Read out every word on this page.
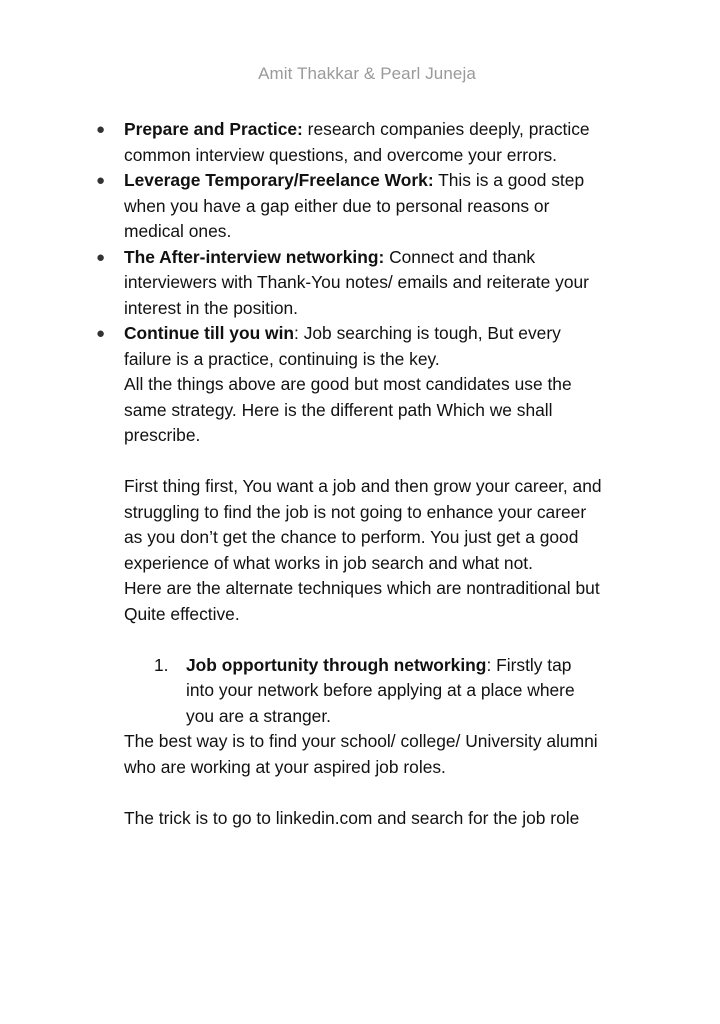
Amit Thakkar & Pearl Juneja
● Prepare and Practice: research companies deeply, practice common interview questions, and overcome your errors.
● Leverage Temporary/Freelance Work: This is a good step when you have a gap either due to personal reasons or medical ones.
● The After-interview networking: Connect and thank interviewers with Thank-You notes/ emails and reiterate your interest in the position.
● Continue till you win: Job searching is tough, But every failure is a practice, continuing is the key.

All the things above are good but most candidates use the same strategy. Here is the different path Which we shall prescribe.

First thing first, You want a job and then grow your career, and struggling to find the job is not going to enhance your career as you don’t get the chance to perform. You just get a good experience of what works in job search and what not.

Here are the alternate techniques which are nontraditional but Quite effective.

1. Job opportunity through networking: Firstly tap into your network before applying at a place where you are a stranger.

The best way is to find your school/ college/ University alumni who are working at your aspired job roles.

The trick is to go to linkedin.com and search for the job role
